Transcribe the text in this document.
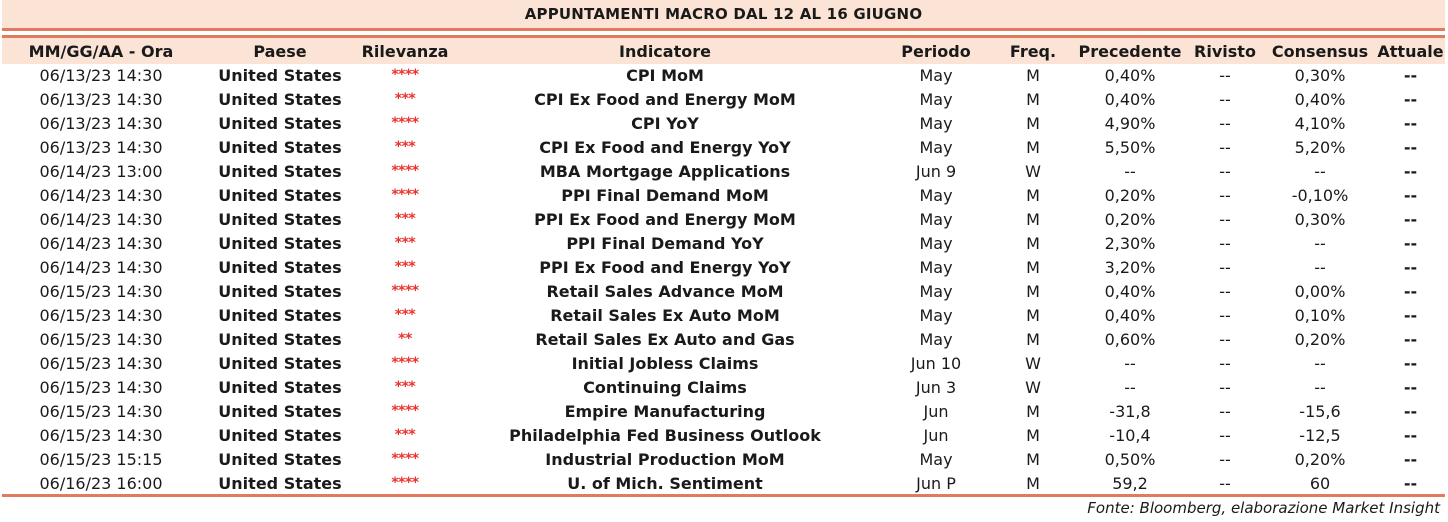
APPUNTAMENTI MACRO DAL 12 AL 16 GIUGNO
MM/GG/AA - Ora	Paese	Rilevanza	Indicatore	Periodo	Freq.	Precedente Rivisto Consensus Attuale
06/13/23 14:30	United States	****	CPI MoM	May	M	0,40%	--	0,30%	--
06/13/23 14:30	United States	***	CPI Ex Food and Energy MoM	May	M	0,40%	--	0,40%	--
06/13/23 14:30	United States	****	CPI YoY	May	M	4,90%	--	4,10%	--
06/13/23 14:30	United States	***	CPI Ex Food and Energy YoY	May	M	5,50%	--	5,20%	--
06/14/23 13:00	United States	****	MBA Mortgage Applications	Jun 9	W	--	--	--	--
06/14/23 14:30	United States	****	PPI Final Demand MoM	May	M	0,20%	--	-0,10%	--
06/14/23 14:30	United States	***	PPI Ex Food and Energy MoM	May	M	0,20%	--	0,30%	--
06/14/23 14:30	United States	***	PPI Final Demand YoY	May	M	2,30%	--	--	--
06/14/23 14:30	United States	***	PPI Ex Food and Energy YoY	May	M	3,20%	--	--	--
06/15/23 14:30	United States	****	Retail Sales Advance MoM	May	M	0,40%	--	0,00%	--
06/15/23 14:30	United States	***	Retail Sales Ex Auto MoM	May	M	0,40%	--	0,10%	--
06/15/23 14:30	United States	**	Retail Sales Ex Auto and Gas	May	M	0,60%	--	0,20%	--
06/15/23 14:30	United States	****	Initial Jobless Claims	Jun 10	W	--	--	--	--
06/15/23 14:30	United States	***	Continuing Claims	Jun 3	W	--	--	--	--
06/15/23 14:30	United States	****	Empire Manufacturing	Jun	M	-31,8	--	-15,6	--
06/15/23 14:30	United States	***	Philadelphia Fed Business Outlook	Jun	M	-10,4	--	-12,5	--
06/15/23 15:15	United States	****	Industrial Production MoM	May	M	0,50%	--	0,20%	--
06/16/23 16:00	United States	****	U. of Mich. Sentiment	Jun P	M	59,2	--	60	--
Fonte: Bloomberg, elaborazione Market Insight
